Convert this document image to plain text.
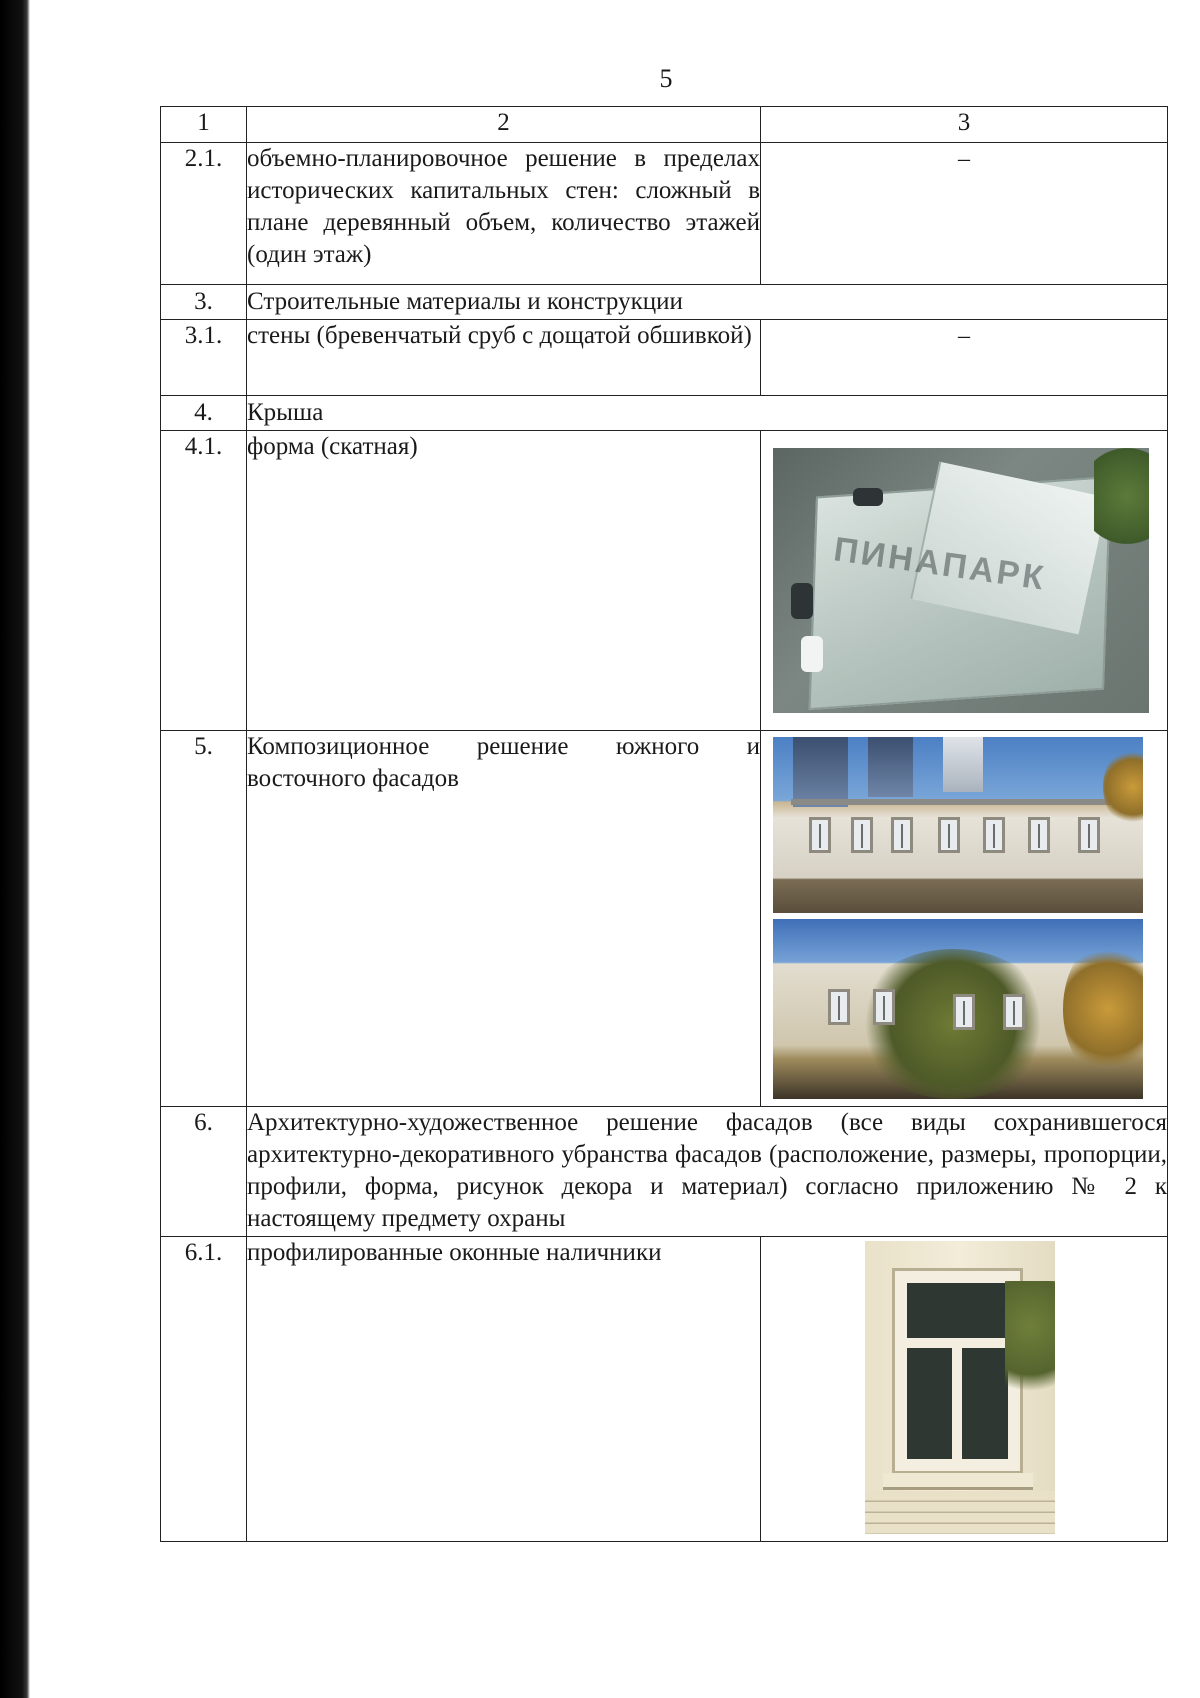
5
1	2	3
2.1.	объемно-планировочное решение в пределах исторических капитальных стен: сложный в плане деревянный объем, количество этажей (один этаж)	–
3.	Строительные материалы и конструкции	
3.1.	стены (бревенчатый сруб с дощатой обшивкой)	–
4.	Крыша	
4.1.	форма (скатная)	ПИНАПАРК

5.	Композиционное решение южного и восточного фасадов	

6.	Архитектурно-художественное решение фасадов (все виды сохранившегося архитектурно-декоративного убранства фасадов (расположение, размеры, пропорции, профили, форма, рисунок декора и материал) согласно приложению № 2 к настоящему предмету охраны	
6.1.	профилированные оконные наличники	
